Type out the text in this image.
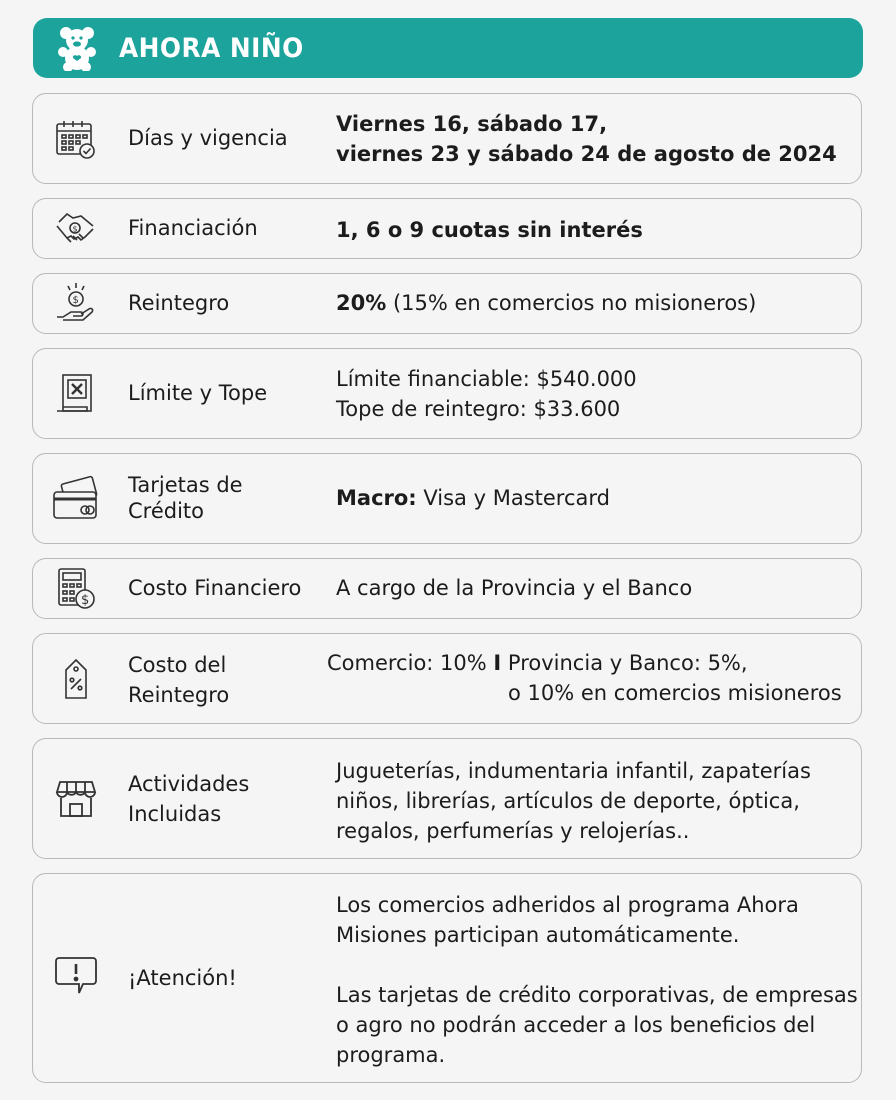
AHORA NIÑO
Días y vigencia
Viernes 16, sábado 17,
viernes 23 y sábado 24 de agosto de 2024
$ Financiación	1, 6 o 9 cuotas sin interés
$ Reintegro	20% (15% en comercios no misioneros)
Límite y Tope
Límite financiable: $540.000
Tope de reintegro: $33.600
Tarjetas de
Crédito
Macro: Visa y Mastercard
$
Costo Financiero A cargo de la Provincia y el Banco
Costo del
Reintegro
Comercio: 10% I Provincia y Banco: 5%,
o 10% en comercios misioneros
Actividades
Incluidas
Jugueterías, indumentaria infantil, zapaterías
niños, librerías, artículos de deporte, óptica,
regalos, perfumerías y relojerías..
¡Atención!
Los comercios adheridos al programa Ahora
Misiones participan automáticamente.
Las tarjetas de crédito corporativas, de empresas
o agro no podrán acceder a los beneficios del
programa.
